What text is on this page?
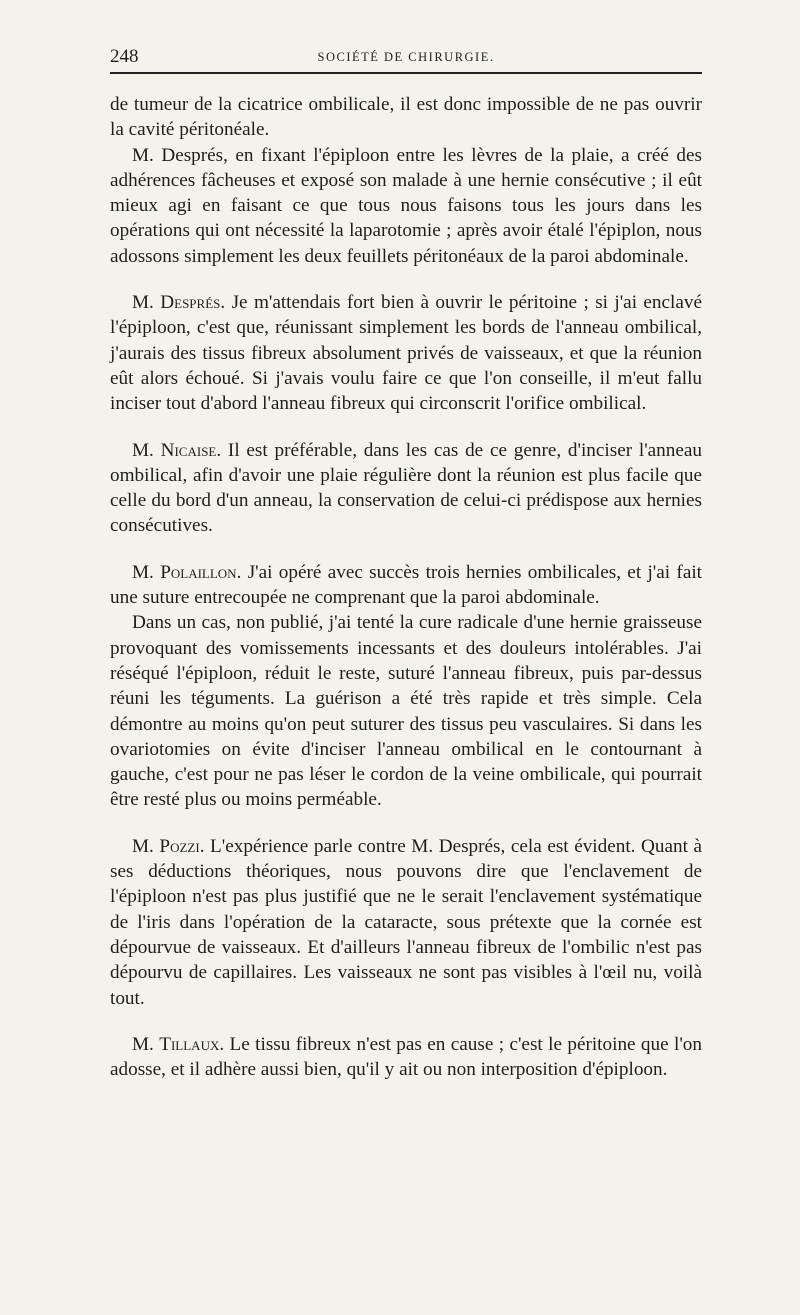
248	SOCIÉTÉ DE CHIRURGIE.

de tumeur de la cicatrice ombilicale, il est donc impossible de ne pas ouvrir la cavité péritonéale.

M. Després, en fixant l'épiploon entre les lèvres de la plaie, a créé des adhérences fâcheuses et exposé son malade à une hernie consécutive ; il eût mieux agi en faisant ce que tous nous faisons tous les jours dans les opérations qui ont nécessité la laparotomie ; après avoir étalé l'épiplon, nous adossons simplement les deux feuillets péritonéaux de la paroi abdominale.

M. Després. Je m'attendais fort bien à ouvrir le péritoine ; si j'ai enclavé l'épiploon, c'est que, réunissant simplement les bords de l'anneau ombilical, j'aurais des tissus fibreux absolument privés de vaisseaux, et que la réunion eût alors échoué. Si j'avais voulu faire ce que l'on conseille, il m'eut fallu inciser tout d'abord l'anneau fibreux qui circonscrit l'orifice ombilical.

M. Nicaise. Il est préférable, dans les cas de ce genre, d'inciser l'anneau ombilical, afin d'avoir une plaie régulière dont la réunion est plus facile que celle du bord d'un anneau, la conservation de celui-ci prédispose aux hernies consécutives.

M. Polaillon. J'ai opéré avec succès trois hernies ombilicales, et j'ai fait une suture entrecoupée ne comprenant que la paroi abdominale.

Dans un cas, non publié, j'ai tenté la cure radicale d'une hernie graisseuse provoquant des vomissements incessants et des douleurs intolérables. J'ai réséqué l'épiploon, réduit le reste, suturé l'anneau fibreux, puis par-dessus réuni les téguments. La guérison a été très rapide et très simple. Cela démontre au moins qu'on peut suturer des tissus peu vasculaires. Si dans les ovariotomies on évite d'inciser l'anneau ombilical en le contournant à gauche, c'est pour ne pas léser le cordon de la veine ombilicale, qui pourrait être resté plus ou moins perméable.

M. Pozzi. L'expérience parle contre M. Després, cela est évident. Quant à ses déductions théoriques, nous pouvons dire que l'enclavement de l'épiploon n'est pas plus justifié que ne le serait l'enclavement systématique de l'iris dans l'opération de la cataracte, sous prétexte que la cornée est dépourvue de vaisseaux. Et d'ailleurs l'anneau fibreux de l'ombilic n'est pas dépourvu de capillaires. Les vaisseaux ne sont pas visibles à l'œil nu, voilà tout.

M. Tillaux. Le tissu fibreux n'est pas en cause ; c'est le péritoine que l'on adosse, et il adhère aussi bien, qu'il y ait ou non interposition d'épiploon.
